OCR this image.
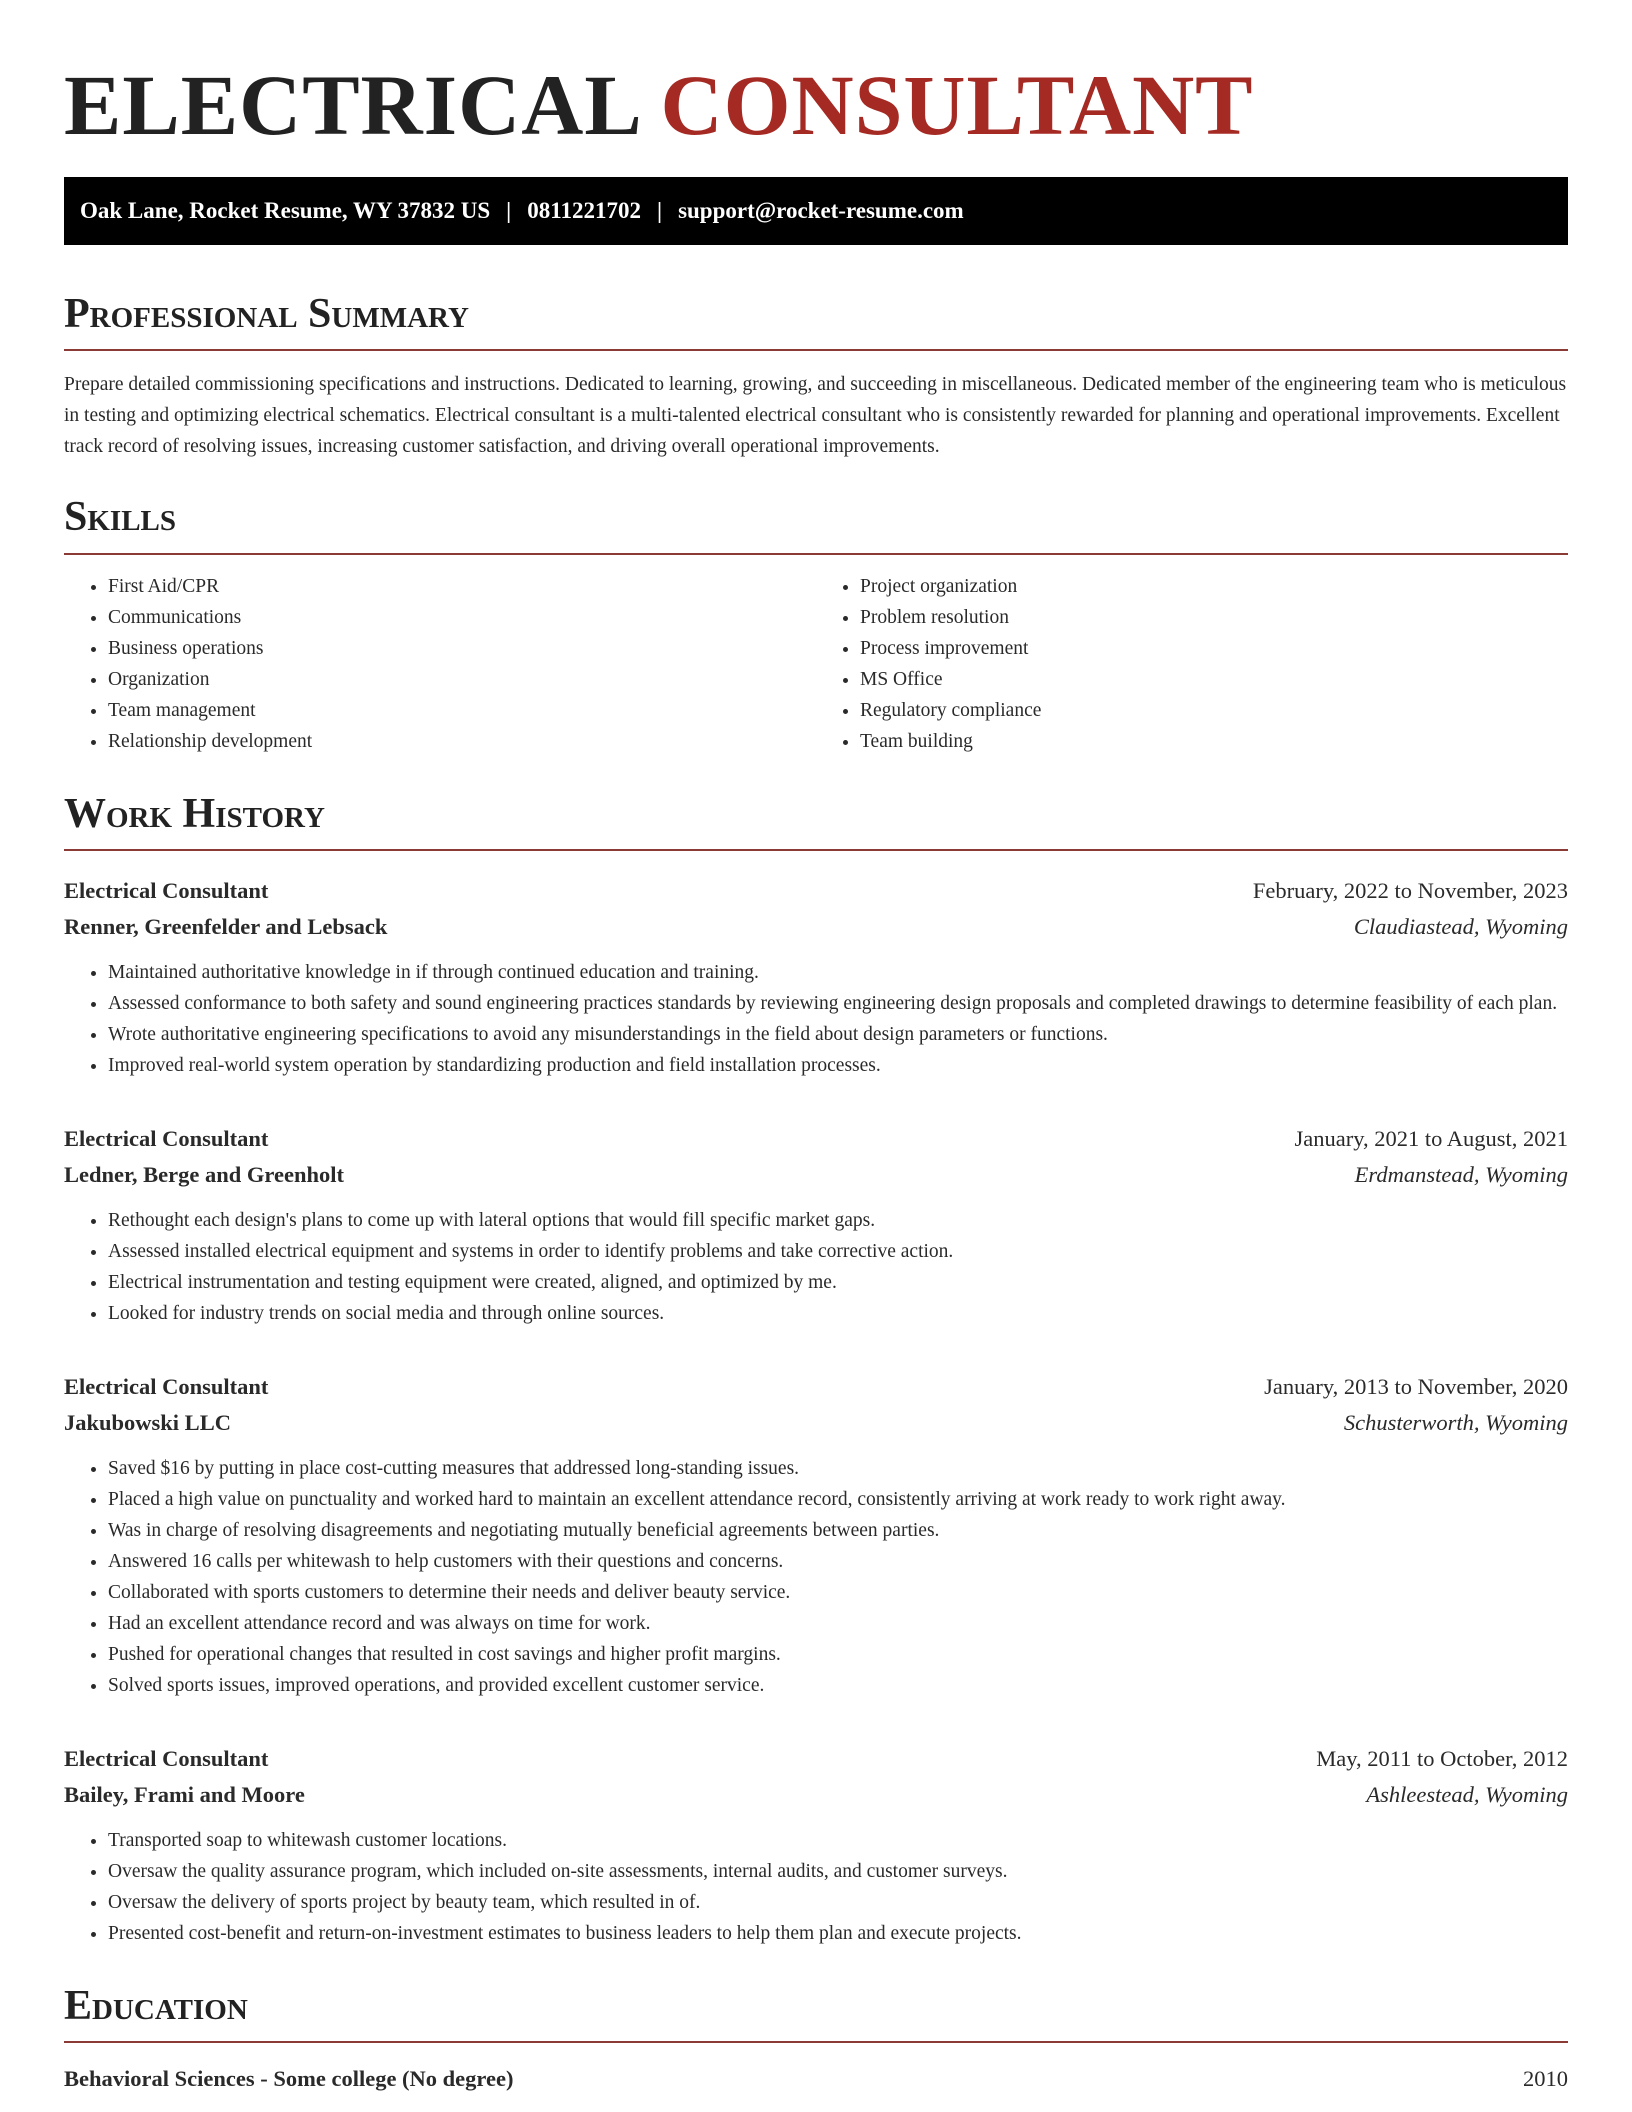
ELECTRICAL CONSULTANT
Oak Lane, Rocket Resume, WY 37832 US | 0811221702 | support@rocket-resume.com
Professional Summary

Prepare detailed commissioning specifications and instructions. Dedicated to learning, growing, and succeeding in miscellaneous. Dedicated member of the engineering team who is meticulous in testing and optimizing electrical schematics. Electrical consultant is a multi-talented electrical consultant who is consistently rewarded for planning and operational improvements. Excellent track record of resolving issues, increasing customer satisfaction, and driving overall operational improvements.

Skills
• First Aid/CPR
• Communications
• Business operations
• Organization
• Team management
• Relationship development
• Project organization
• Problem resolution
• Process improvement
• MS Office
• Regulatory compliance
• Team building
Work History
Electrical Consultant	February, 2022 to November, 2023
Renner, Greenfelder and Lebsack	Claudiastead, Wyoming
• Maintained authoritative knowledge in if through continued education and training.
• Assessed conformance to both safety and sound engineering practices standards by reviewing engineering design proposals and completed drawings to determine feasibility of each plan.
• Wrote authoritative engineering specifications to avoid any misunderstandings in the field about design parameters or functions.
• Improved real-world system operation by standardizing production and field installation processes.
Electrical Consultant	January, 2021 to August, 2021
Ledner, Berge and Greenholt	Erdmanstead, Wyoming
• Rethought each design's plans to come up with lateral options that would fill specific market gaps.
• Assessed installed electrical equipment and systems in order to identify problems and take corrective action.
• Electrical instrumentation and testing equipment were created, aligned, and optimized by me.
• Looked for industry trends on social media and through online sources.
Electrical Consultant	January, 2013 to November, 2020
Jakubowski LLC	Schusterworth, Wyoming
• Saved $16 by putting in place cost-cutting measures that addressed long-standing issues.
• Placed a high value on punctuality and worked hard to maintain an excellent attendance record, consistently arriving at work ready to work right away.
• Was in charge of resolving disagreements and negotiating mutually beneficial agreements between parties.
• Answered 16 calls per whitewash to help customers with their questions and concerns.
• Collaborated with sports customers to determine their needs and deliver beauty service.
• Had an excellent attendance record and was always on time for work.
• Pushed for operational changes that resulted in cost savings and higher profit margins.
• Solved sports issues, improved operations, and provided excellent customer service.
Electrical Consultant	May, 2011 to October, 2012
Bailey, Frami and Moore	Ashleestead, Wyoming
• Transported soap to whitewash customer locations.
• Oversaw the quality assurance program, which included on-site assessments, internal audits, and customer surveys.
• Oversaw the delivery of sports project by beauty team, which resulted in of.
• Presented cost-benefit and return-on-investment estimates to business leaders to help them plan and execute projects.
Education
Behavioral Sciences - Some college (No degree)	2010
